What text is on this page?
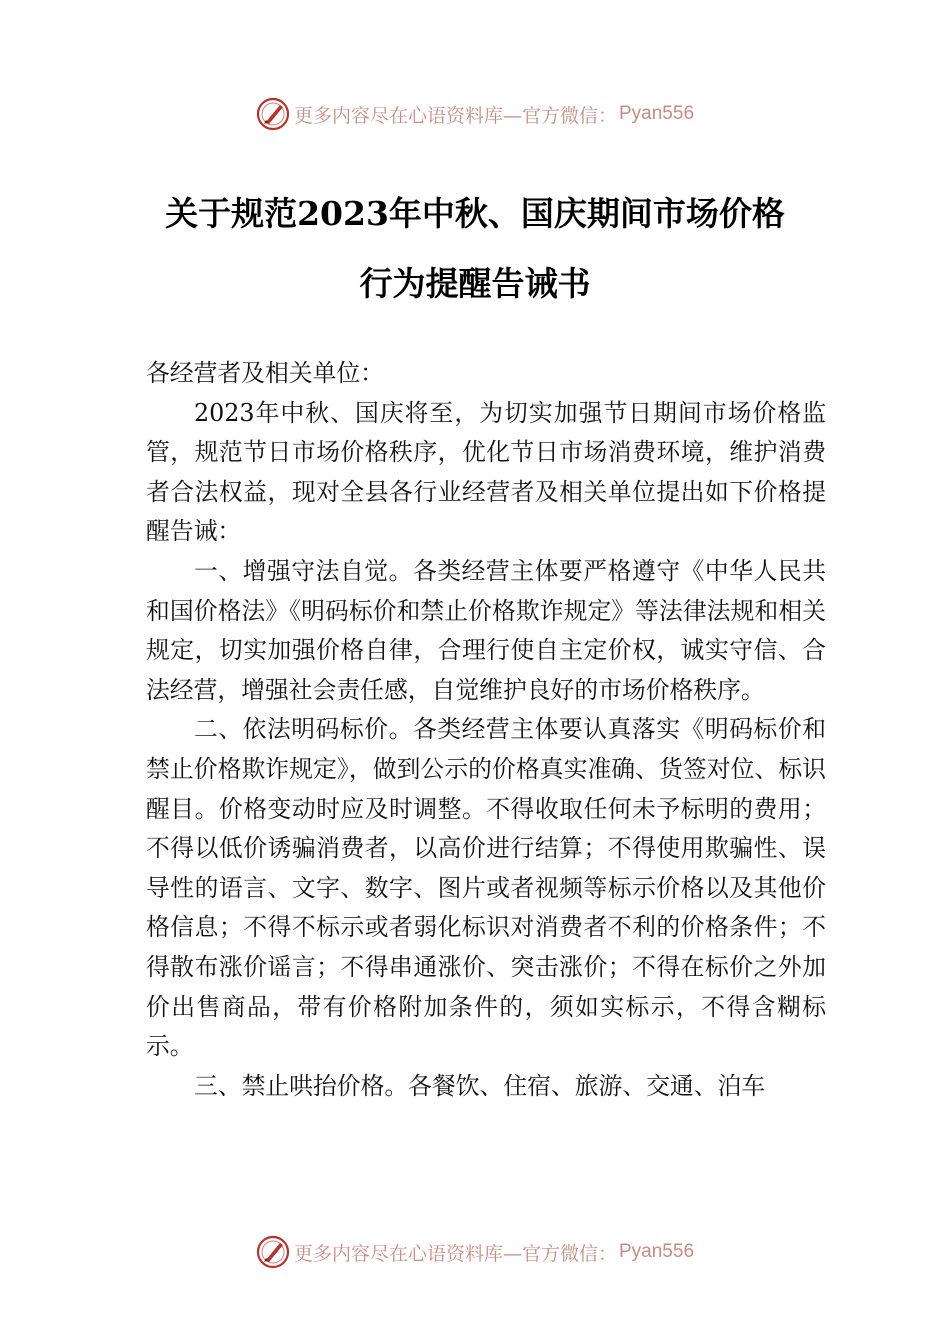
更多内容尽在心语资料库—官方微信： Pyan556
关于规范2023年中秋、国庆期间市场价格
行为提醒告诫书

各经营者及相关单位：

2023年中秋、国庆将至，为切实加强节日期间市场价格监管，规范节日市场价格秩序，优化节日市场消费环境，维护消费者合法权益，现对全县各行业经营者及相关单位提出如下价格提醒告诫：

一、增强守法自觉。各类经营主体要严格遵守《中华人民共和国价格法》《明码标价和禁止价格欺诈规定》等法律法规和相关规定，切实加强价格自律，合理行使自主定价权，诚实守信、合法经营，增强社会责任感，自觉维护良好的市场价格秩序。

二、依法明码标价。各类经营主体要认真落实《明码标价和禁止价格欺诈规定》，做到公示的价格真实准确、货签对位、标识醒目。价格变动时应及时调整。不得收取任何未予标明的费用；不得以低价诱骗消费者，以高价进行结算；不得使用欺骗性、误导性的语言、文字、数字、图片或者视频等标示价格以及其他价格信息；不得不标示或者弱化标识对消费者不利的价格条件；不得散布涨价谣言；不得串通涨价、突击涨价；不得在标价之外加价出售商品，带有价格附加条件的，须如实标示，不得含糊标示。

三、禁止哄抬价格。各餐饮、住宿、旅游、交通、泊车

更多内容尽在心语资料库—官方微信： Pyan556
